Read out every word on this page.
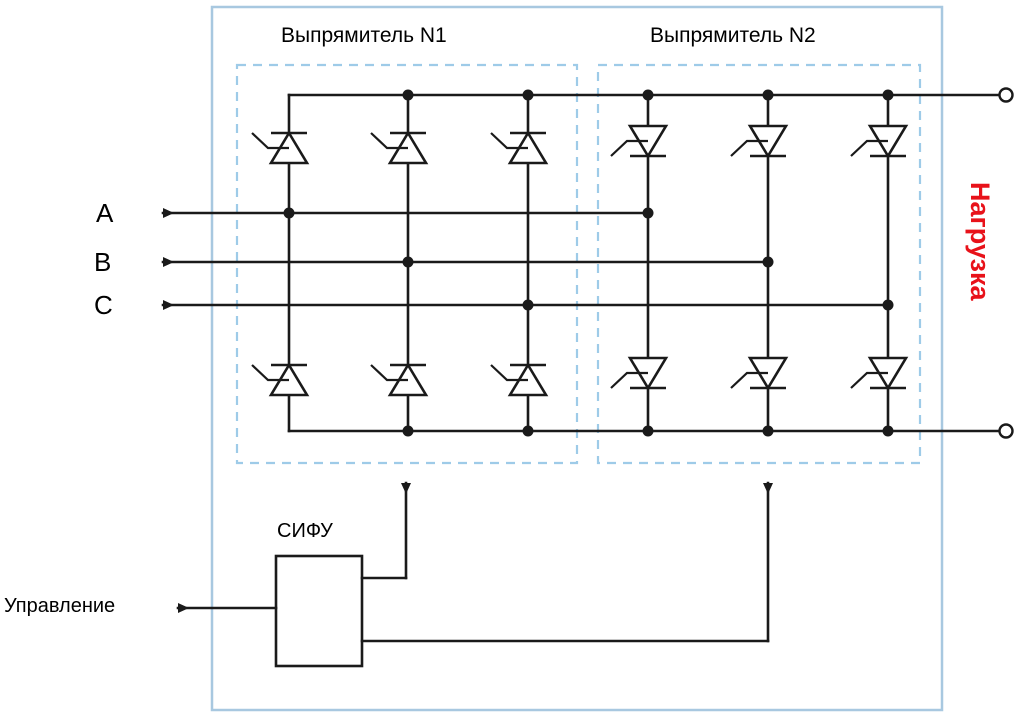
Выпрямитель N1	Выпрямитель N2
A
B
C
СИФУ
Управление
Нагрузка
